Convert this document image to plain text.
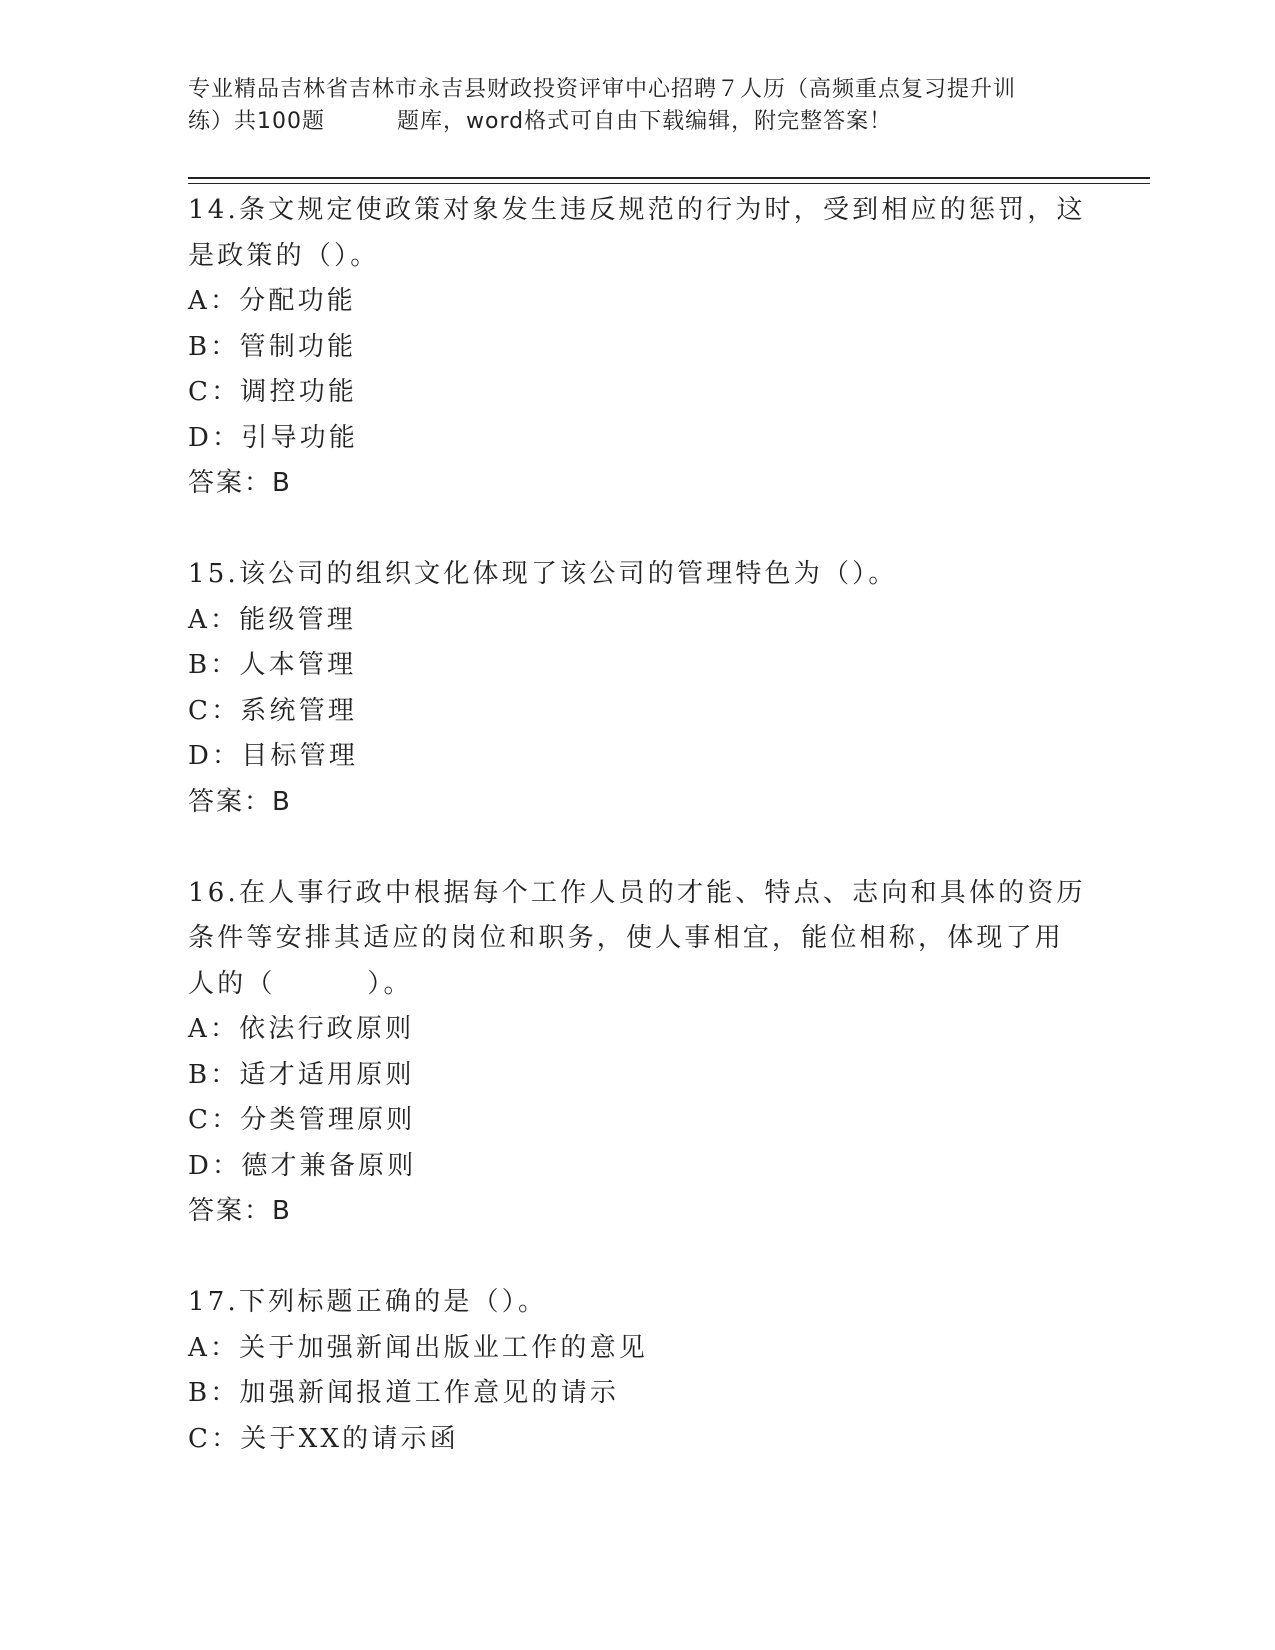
专业精品吉林省吉林市永吉县财政投资评审中心招聘７人历（高频重点复习提升训
练）共100题	题库，word格式可自由下载编辑，附完整答案！
14.条文规定使政策对象发生违反规范的行为时，受到相应的惩罚，这
是政策的（）。
A：分配功能
B：管制功能
C：调控功能
D：引导功能
答案：B
15.该公司的组织文化体现了该公司的管理特色为（）。
A：能级管理
B：人本管理
C：系统管理
D：目标管理
答案：B
16.在人事行政中根据每个工作人员的才能、特点、志向和具体的资历
条件等安排其适应的岗位和职务，使人事相宜，能位相称，体现了用
人的（        ）。
A：依法行政原则
B：适才适用原则
C：分类管理原则
D：德才兼备原则
答案：B
17.下列标题正确的是（）。
A：关于加强新闻出版业工作的意见
B：加强新闻报道工作意见的请示
C：关于XX的请示函
